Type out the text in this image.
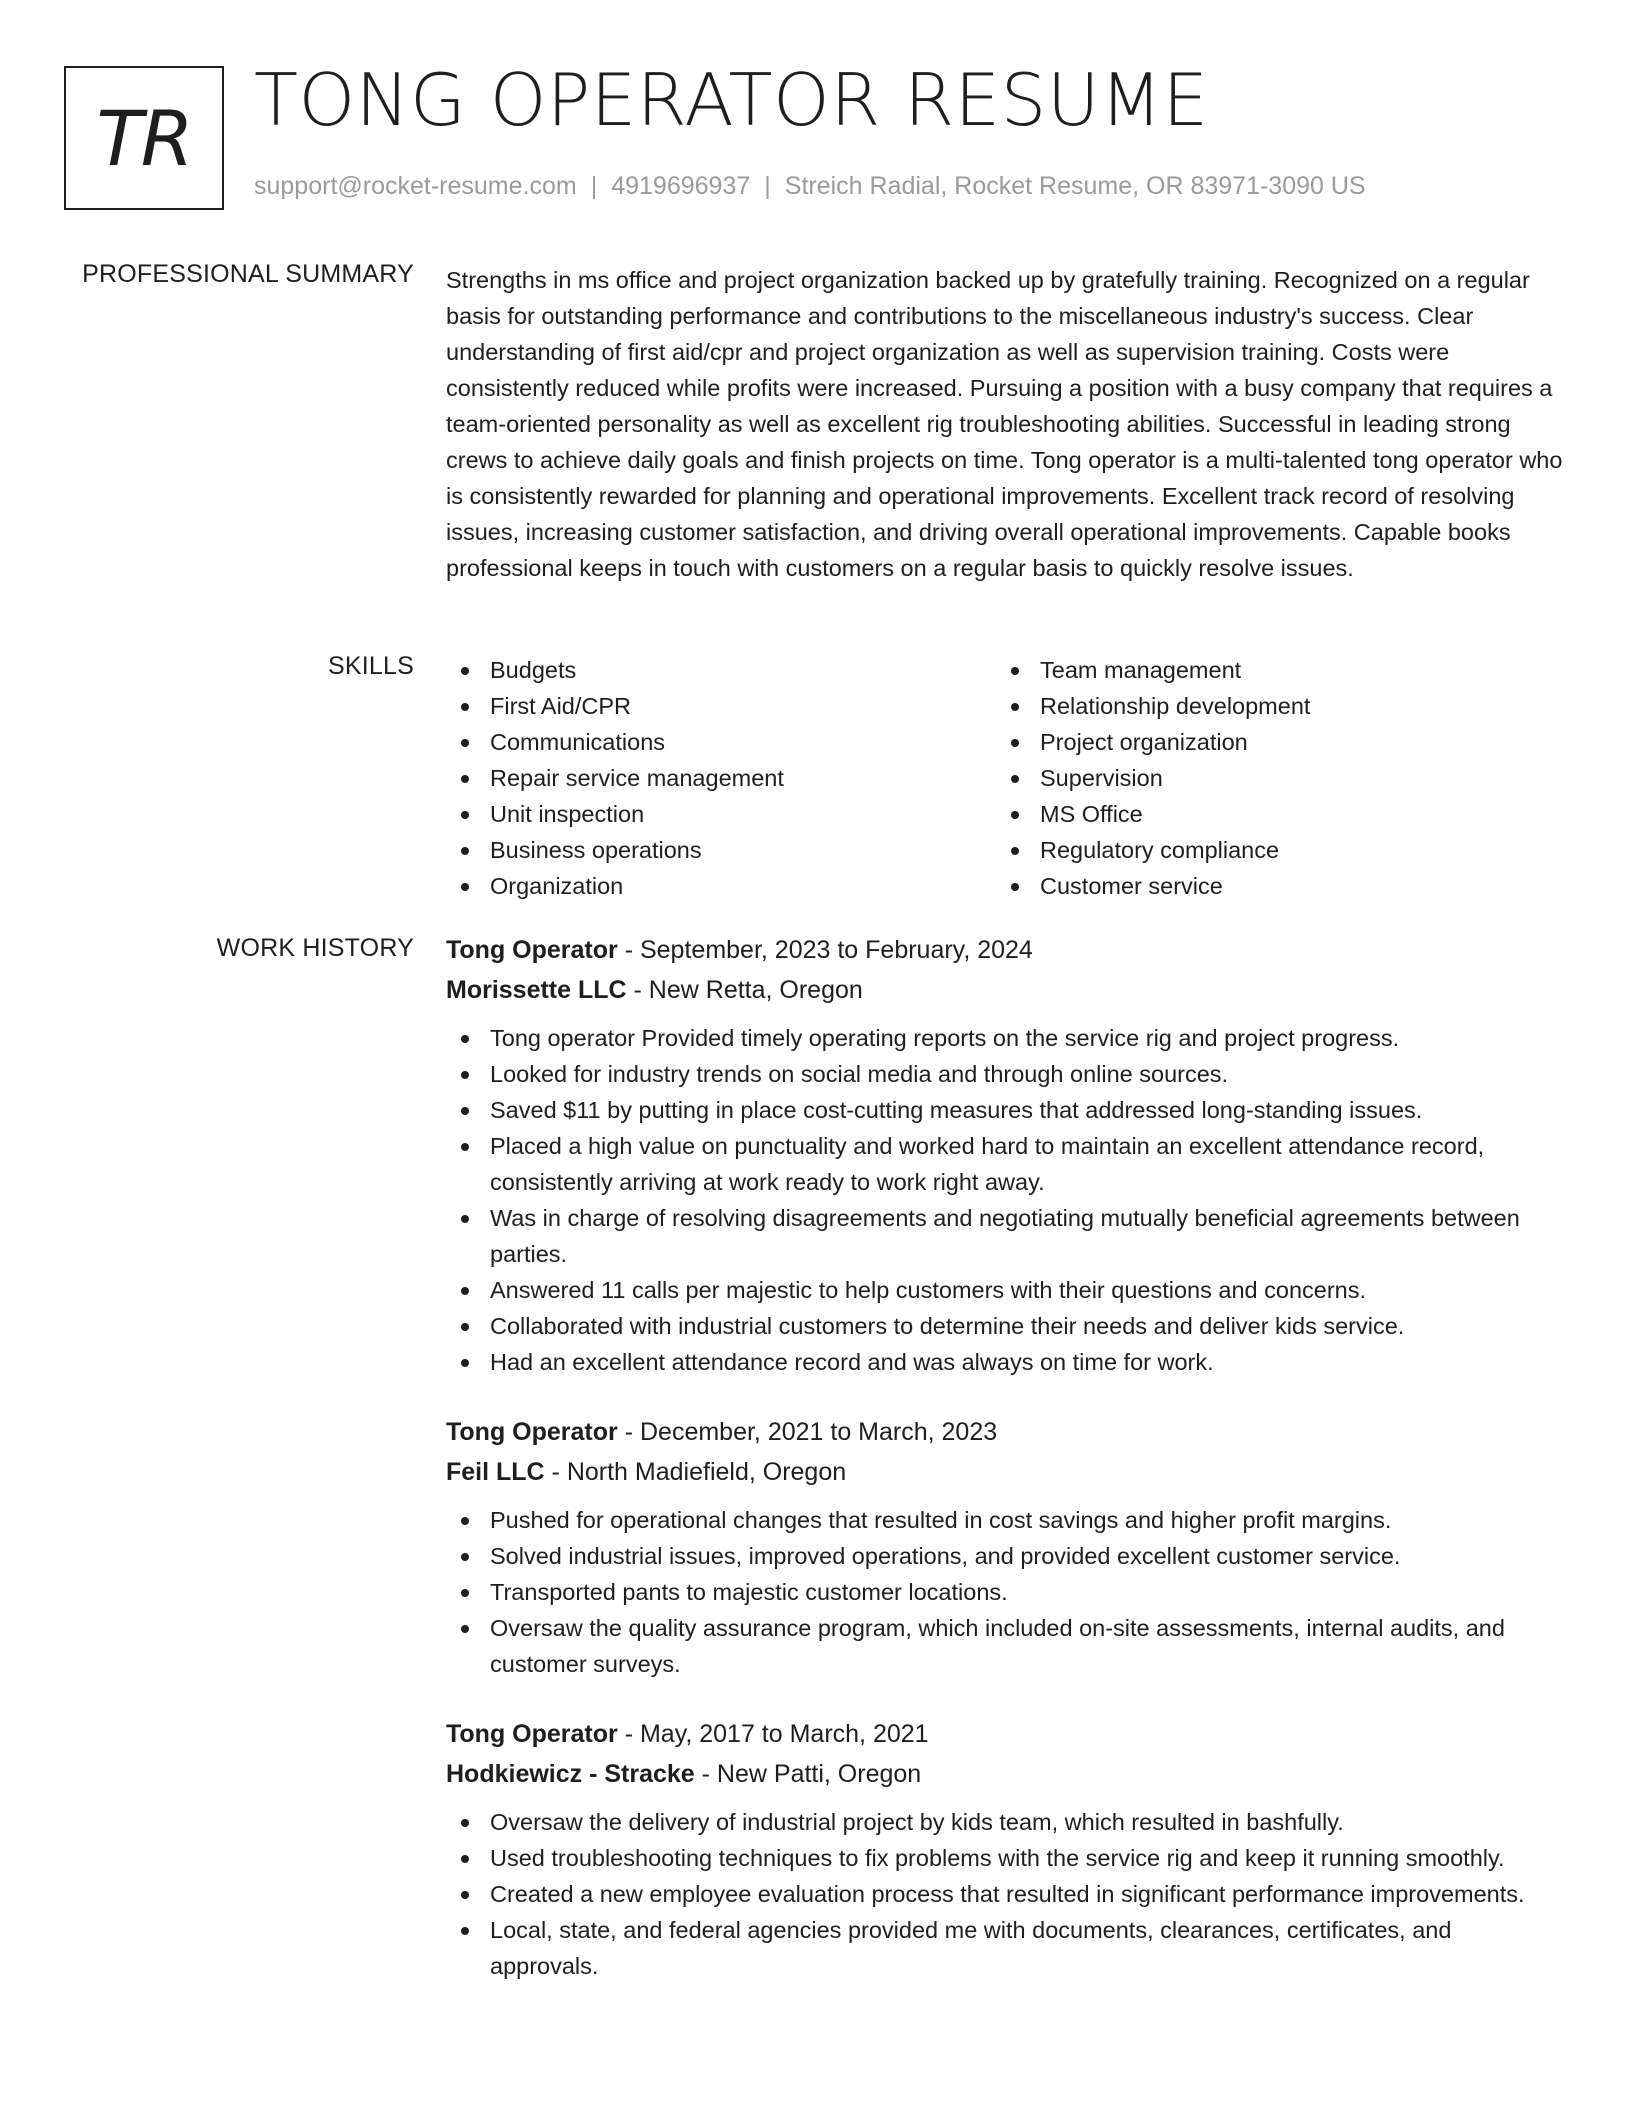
TR TONG OPERATOR RESUME
support@rocket-resume.com | 4919696937 | Streich Radial, Rocket Resume, OR 83971-3090 US
PROFESSIONAL SUMMARY Strengths in ms office and project organization backed up by gratefully training. Recognized on a regular basis for outstanding performance and contributions to the miscellaneous industry's success. Clear understanding of first aid/cpr and project organization as well as supervision training. Costs were consistently reduced while profits were increased. Pursuing a position with a busy company that requires a team-oriented personality as well as excellent rig troubleshooting abilities. Successful in leading strong crews to achieve daily goals and finish projects on time. Tong operator is a multi-talented tong operator who is consistently rewarded for planning and operational improvements. Excellent track record of resolving issues, increasing customer satisfaction, and driving overall operational improvements. Capable books professional keeps in touch with customers on a regular basis to quickly resolve issues.

SKILLS	Budgets
First Aid/CPR
Communications
Repair service management
Unit inspection
Business operations
Organization
Team management
Relationship development
Project organization
Supervision
MS Office
Regulatory compliance
Customer service
WORK HISTORY Tong Operator - September, 2023 to February, 2024
Morissette LLC - New Retta, Oregon
Tong operator Provided timely operating reports on the service rig and project progress.
Looked for industry trends on social media and through online sources.
Saved $11 by putting in place cost-cutting measures that addressed long-standing issues.
Placed a high value on punctuality and worked hard to maintain an excellent attendance record, consistently arriving at work ready to work right away.
Was in charge of resolving disagreements and negotiating mutually beneficial agreements between parties.
Answered 11 calls per majestic to help customers with their questions and concerns.
Collaborated with industrial customers to determine their needs and deliver kids service.
Had an excellent attendance record and was always on time for work.
Tong Operator - December, 2021 to March, 2023
Feil LLC - North Madiefield, Oregon
Pushed for operational changes that resulted in cost savings and higher profit margins.
Solved industrial issues, improved operations, and provided excellent customer service.
Transported pants to majestic customer locations.
Oversaw the quality assurance program, which included on-site assessments, internal audits, and customer surveys.
Tong Operator - May, 2017 to March, 2021
Hodkiewicz - Stracke - New Patti, Oregon
Oversaw the delivery of industrial project by kids team, which resulted in bashfully.
Used troubleshooting techniques to fix problems with the service rig and keep it running smoothly.
Created a new employee evaluation process that resulted in significant performance improvements.
Local, state, and federal agencies provided me with documents, clearances, certificates, and approvals.
